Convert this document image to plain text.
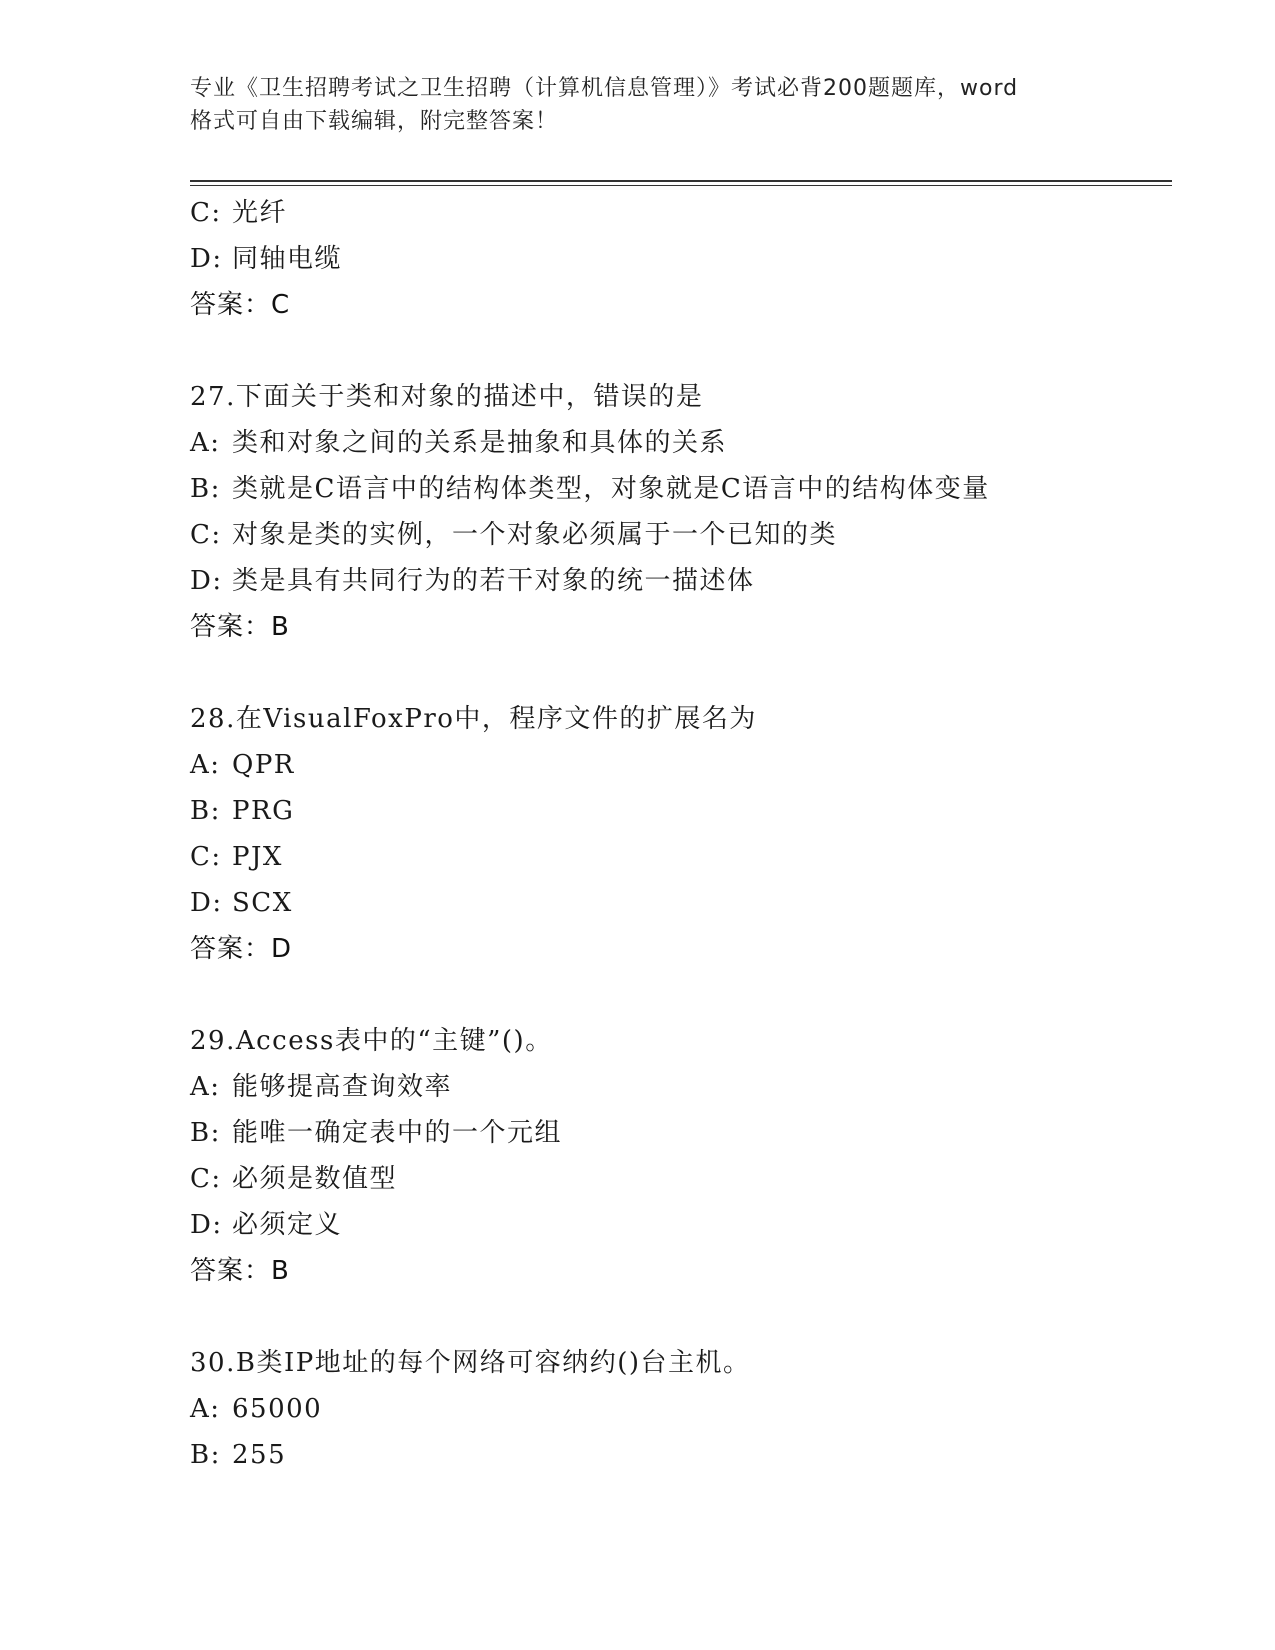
专业《卫生招聘考试之卫生招聘（计算机信息管理）》考试必背200题题库，word
格式可自由下载编辑，附完整答案！
C: 光纤
D: 同轴电缆
答案：C
27.下面关于类和对象的描述中，错误的是
A: 类和对象之间的关系是抽象和具体的关系
B: 类就是C语言中的结构体类型，对象就是C语言中的结构体变量
C: 对象是类的实例，一个对象必须属于一个已知的类
D: 类是具有共同行为的若干对象的统一描述体
答案：B
28.在VisualFoxPro中，程序文件的扩展名为
A: QPR
B: PRG
C: PJX
D: SCX
答案：D
29.Access表中的“主键”()。
A: 能够提高查询效率
B: 能唯一确定表中的一个元组
C: 必须是数值型
D: 必须定义
答案：B
30.B类IP地址的每个网络可容纳约()台主机。
A: 65000
B: 255
